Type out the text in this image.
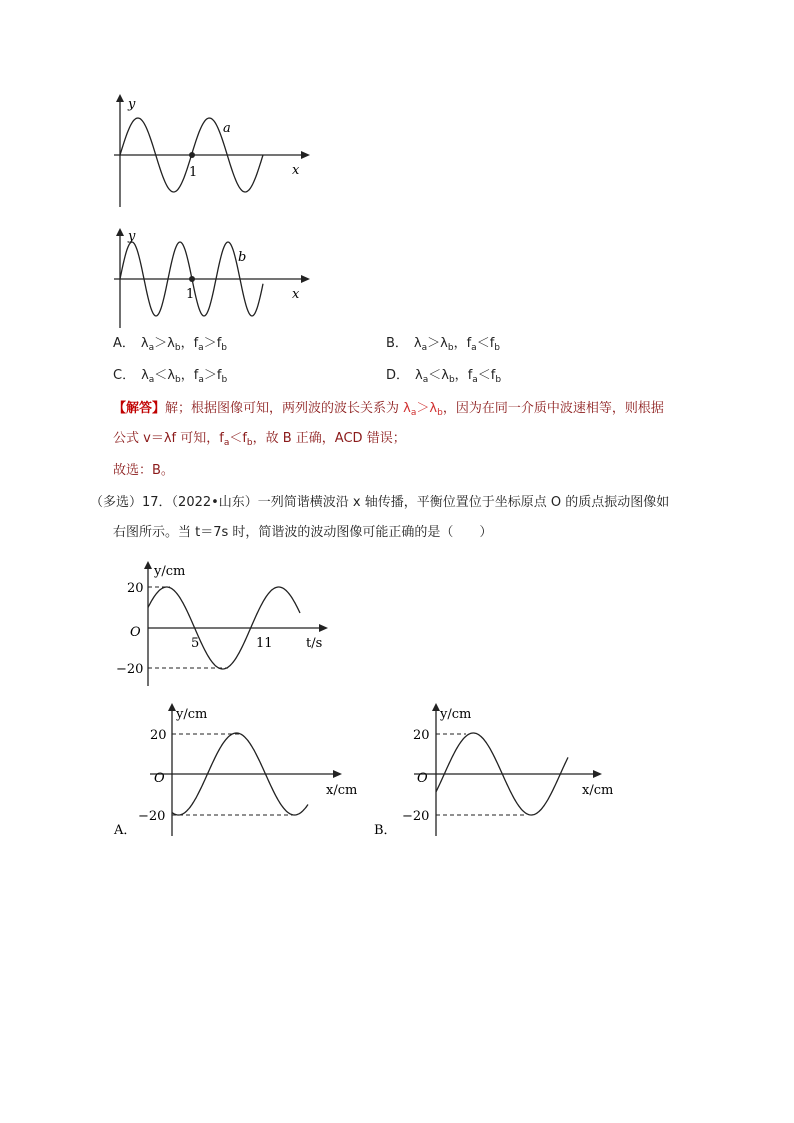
y
x
a
1
y
x
b
1
A． $\lambda_a>\lambda_b$，$f_a>f_b$	B． $\lambda_a>\lambda_b$，$f_a<f_b$
C． $\lambda_a<\lambda_b$，$f_a>f_b$	D． $\lambda_a<\lambda_b$，$f_a<f_b$
【解答】解；根据图像可知，两列波的波长关系为 $\lambda_a>\lambda_b$，因为在同一介质中波速相等，则根据
公式 v＝λf 可知，$f_a<f_b$，故 B 正确，ACD 错误；
故选：B。
（多选）17．（2022•山东）一列简谐横波沿 x 轴传播，平衡位置位于坐标原点 O 的质点振动图像如
右图所示。当 t＝7s 时，简谐波的波动图像可能正确的是（　　）
y/cm
t/s
O
20
−20
5	11
y/cm
x/cm
O
20
−20
A．
y/cm
x/cm
O
20
−20
B．
